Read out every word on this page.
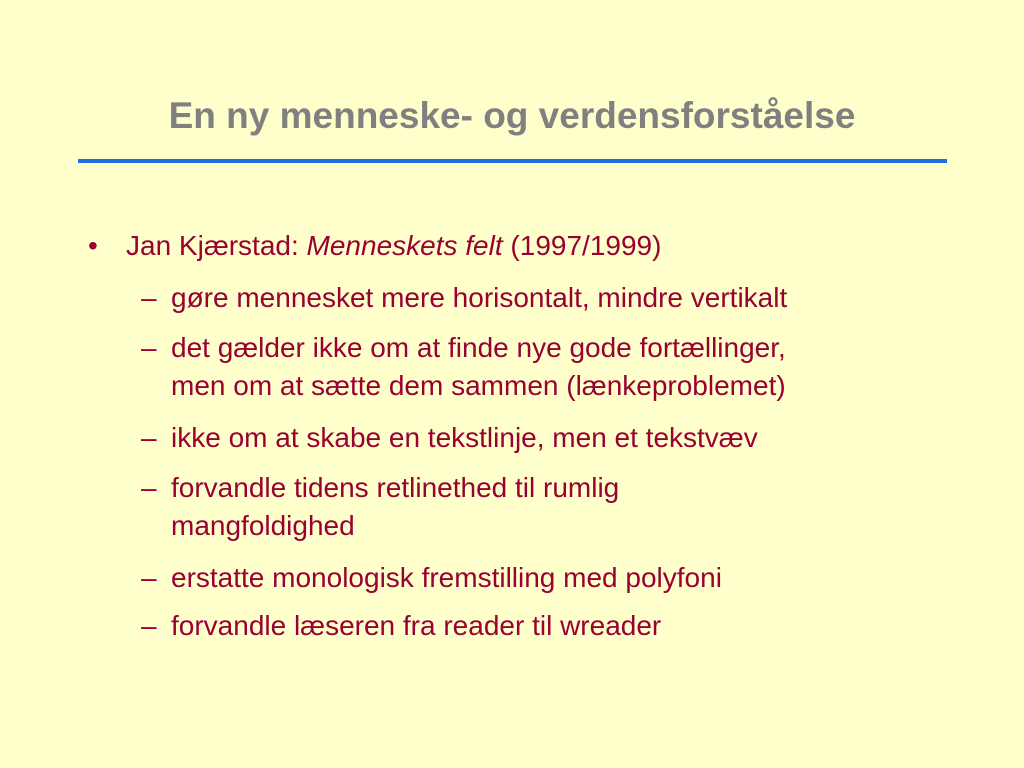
En ny menneske- og verdensforståelse
• Jan Kjærstad: Menneskets felt (1997/1999)
– gøre mennesket mere horisontalt, mindre vertikalt
– det gælder ikke om at finde nye gode fortællinger,
men om at sætte dem sammen (lænkeproblemet)
– ikke om at skabe en tekstlinje, men et tekstvæv
– forvandle tidens retlinethed til rumlig
mangfoldighed
– erstatte monologisk fremstilling med polyfoni
– forvandle læseren fra reader til wreader
